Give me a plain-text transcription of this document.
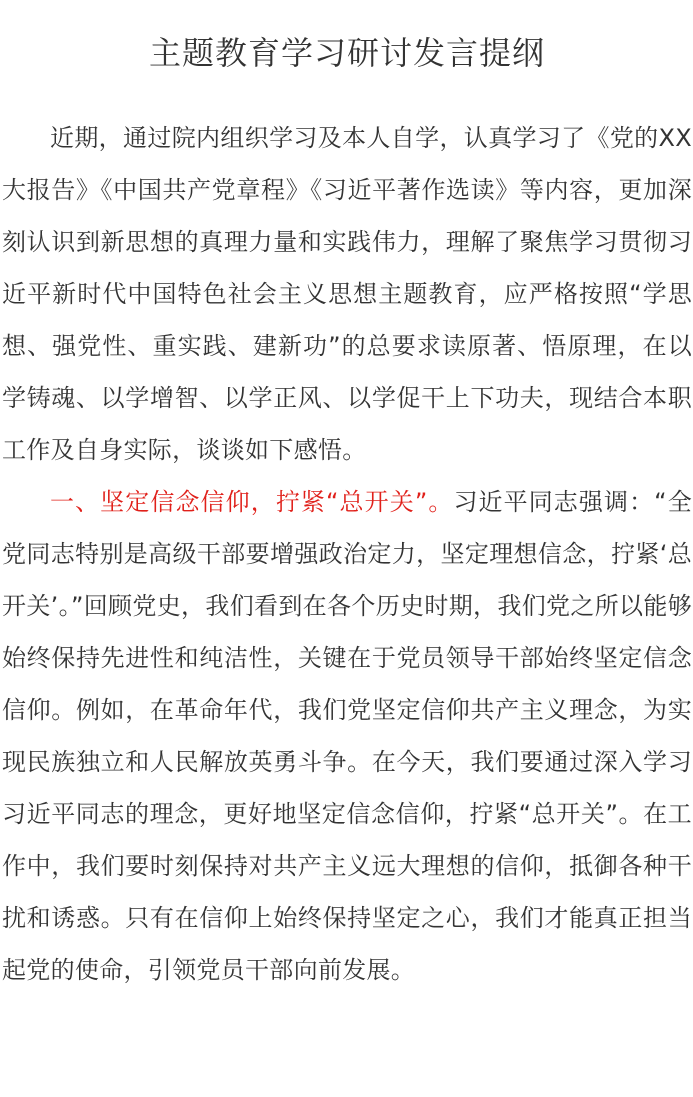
主题教育学习研讨发言提纲

近期，通过院内组织学习及本人自学，认真学习了《党的XX大报告》《中国共产党章程》《习近平著作选读》等内容，更加深刻认识到新思想的真理力量和实践伟力，理解了聚焦学习贯彻习近平新时代中国特色社会主义思想主题教育，应严格按照“学思想、强党性、重实践、建新功”的总要求读原著、悟原理，在以学铸魂、以学增智、以学正风、以学促干上下功夫，现结合本职工作及自身实际，谈谈如下感悟。

一、坚定信念信仰，拧紧“总开关”。习近平同志强调：“全党同志特别是高级干部要增强政治定力，坚定理想信念，拧紧‘总开关’。”回顾党史，我们看到在各个历史时期，我们党之所以能够始终保持先进性和纯洁性，关键在于党员领导干部始终坚定信念信仰。例如，在革命年代，我们党坚定信仰共产主义理念，为实现民族独立和人民解放英勇斗争。在今天，我们要通过深入学习习近平同志的理念，更好地坚定信念信仰，拧紧“总开关”。在工作中，我们要时刻保持对共产主义远大理想的信仰，抵御各种干扰和诱惑。只有在信仰上始终保持坚定之心，我们才能真正担当起党的使命，引领党员干部向前发展。
